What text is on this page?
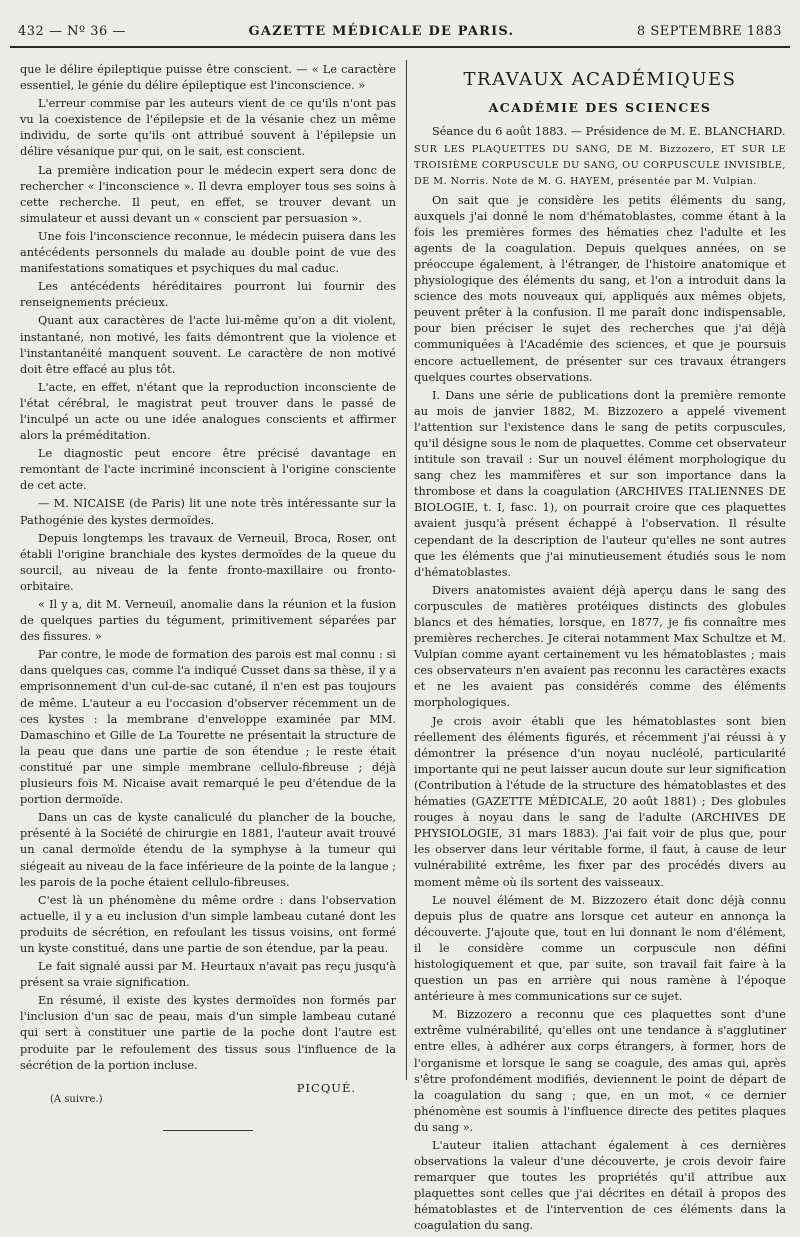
432 — Nº 36 —	GAZETTE MÉDICALE DE PARIS.	8 SEPTEMBRE 1883

que le délire épileptique puisse être conscient. — « Le caractère essentiel, le génie du délire épileptique est l'inconscience. »

L'erreur commise par les auteurs vient de ce qu'ils n'ont pas vu la coexistence de l'épilepsie et de la vésanie chez un même individu, de sorte qu'ils ont attribué souvent à l'épilepsie un délire vésanique pur qui, on le sait, est conscient.

La première indication pour le médecin expert sera donc de rechercher « l'inconscience ». Il devra employer tous ses soins à cette recherche. Il peut, en effet, se trouver devant un simulateur et aussi devant un « conscient par persuasion ».

Une fois l'inconscience reconnue, le médecin puisera dans les antécédents personnels du malade au double point de vue des manifestations somatiques et psychiques du mal caduc.

Les antécédents héréditaires pourront lui fournir des renseignements précieux.

Quant aux caractères de l'acte lui-même qu'on a dit violent, instantané, non motivé, les faits démontrent que la violence et l'instantanéité manquent souvent. Le caractère de non motivé doit être effacé au plus tôt.

L'acte, en effet, n'étant que la reproduction inconsciente de l'état cérébral, le magistrat peut trouver dans le passé de l'inculpé un acte ou une idée analogues conscients et affirmer alors la préméditation.

Le diagnostic peut encore être précisé davantage en remontant de l'acte incriminé inconscient à l'origine consciente de cet acte.

— M. NICAISE (de Paris) lit une note très intéressante sur la Pathogénie des kystes dermoïdes.

Depuis longtemps les travaux de Verneuil, Broca, Roser, ont établi l'origine branchiale des kystes dermoïdes de la queue du sourcil, au niveau de la fente fronto-maxillaire ou fronto-orbitaire.

« Il y a, dit M. Verneuil, anomalie dans la réunion et la fusion de quelques parties du tégument, primitivement séparées par des fissures. »

Par contre, le mode de formation des parois est mal connu : si dans quelques cas, comme l'a indiqué Cusset dans sa thèse, il y a emprisonnement d'un cul-de-sac cutané, il n'en est pas toujours de même. L'auteur a eu l'occasion d'observer récemment un de ces kystes : la membrane d'enveloppe examinée par MM. Damaschino et Gille de La Tourette ne présentait la structure de la peau que dans une partie de son étendue ; le reste était constitué par une simple membrane cellulo-fibreuse ; déjà plusieurs fois M. Nicaise avait remarqué le peu d'étendue de la portion dermoïde.

Dans un cas de kyste canaliculé du plancher de la bouche, présenté à la Société de chirurgie en 1881, l'auteur avait trouvé un canal dermoïde étendu de la symphyse à la tumeur qui siégeait au niveau de la face inférieure de la pointe de la langue ; les parois de la poche étaient cellulo-fibreuses.

C'est là un phénomène du même ordre : dans l'observation actuelle, il y a eu inclusion d'un simple lambeau cutané dont les produits de sécrétion, en refoulant les tissus voisins, ont formé un kyste constitué, dans une partie de son étendue, par la peau.

Le fait signalé aussi par M. Heurtaux n'avait pas reçu jusqu'à présent sa vraie signification.

En résumé, il existe des kystes dermoïdes non formés par l'inclusion d'un sac de peau, mais d'un simple lambeau cutané qui sert à constituer une partie de la poche dont l'autre est produite par le refoulement des tissus sous l'influence de la sécrétion de la portion incluse.

PICQUÉ.
(A suivre.)
TRAVAUX ACADÉMIQUES
ACADÉMIE DES SCIENCES

Séance du 6 août 1883. — Présidence de M. E. BLANCHARD.

SUR LES PLAQUETTES DU SANG, DE M. Bizzozero, ET SUR LE TROISIÈME CORPUSCULE DU SANG, OU CORPUSCULE INVISIBLE, DE M. Norris. Note de M. G. HAYEM, présentée par M. Vulpian.

On sait que je considère les petits éléments du sang, auxquels j'ai donné le nom d'hématoblastes, comme étant à la fois les premières formes des hématies chez l'adulte et les agents de la coagulation. Depuis quelques années, on se préoccupe également, à l'étranger, de l'histoire anatomique et physiologique des éléments du sang, et l'on a introduit dans la science des mots nouveaux qui, appliqués aux mêmes objets, peuvent prêter à la confusion. Il me paraît donc indispensable, pour bien préciser le sujet des recherches que j'ai déjà communiquées à l'Académie des sciences, et que je poursuis encore actuellement, de présenter sur ces travaux étrangers quelques courtes observations.

I. Dans une série de publications dont la première remonte au mois de janvier 1882, M. Bizzozero a appelé vivement l'attention sur l'existence dans le sang de petits corpuscules, qu'il désigne sous le nom de plaquettes. Comme cet observateur intitule son travail : Sur un nouvel élément morphologique du sang chez les mammifères et sur son importance dans la thrombose et dans la coagulation (ARCHIVES ITALIENNES DE BIOLOGIE, t. I, fasc. 1), on pourrait croire que ces plaquettes avaient jusqu'à présent échappé à l'observation. Il résulte cependant de la description de l'auteur qu'elles ne sont autres que les éléments que j'ai minutieusement étudiés sous le nom d'hématoblastes.

Divers anatomistes avaient déjà aperçu dans le sang des corpuscules de matières protéiques distincts des globules blancs et des hématies, lorsque, en 1877, je fis connaître mes premières recherches. Je citerai notamment Max Schultze et M. Vulpian comme ayant certainement vu les hématoblastes ; mais ces observateurs n'en avaient pas reconnu les caractères exacts et ne les avaient pas considérés comme des éléments morphologiques.

Je crois avoir établi que les hématoblastes sont bien réellement des éléments figurés, et récemment j'ai réussi à y démontrer la présence d'un noyau nucléolé, particularité importante qui ne peut laisser aucun doute sur leur signification (Contribution à l'étude de la structure des hématoblastes et des hématies (GAZETTE MÉDICALE, 20 août 1881) ; Des globules rouges à noyau dans le sang de l'adulte (ARCHIVES DE PHYSIOLOGIE, 31 mars 1883). J'ai fait voir de plus que, pour les observer dans leur véritable forme, il faut, à cause de leur vulnérabilité extrême, les fixer par des procédés divers au moment même où ils sortent des vaisseaux.

Le nouvel élément de M. Bizzozero était donc déjà connu depuis plus de quatre ans lorsque cet auteur en annonça la découverte. J'ajoute que, tout en lui donnant le nom d'élément, il le considère comme un corpuscule non défini histologiquement et que, par suite, son travail fait faire à la question un pas en arrière qui nous ramène à l'époque antérieure à mes communications sur ce sujet.

M. Bizzozero a reconnu que ces plaquettes sont d'une extrême vulnérabilité, qu'elles ont une tendance à s'agglutiner entre elles, à adhérer aux corps étrangers, à former, hors de l'organisme et lorsque le sang se coagule, des amas qui, après s'être profondément modifiés, deviennent le point de départ de la coagulation du sang ; que, en un mot, « ce dernier phénomène est soumis à l'influence directe des petites plaques du sang ».

L'auteur italien attachant également à ces dernières observations la valeur d'une découverte, je crois devoir faire remarquer que toutes les propriétés qu'il attribue aux plaquettes sont celles que j'ai décrites en détail à propos des hématoblastes et de l'intervention de ces éléments dans la coagulation du sang.
